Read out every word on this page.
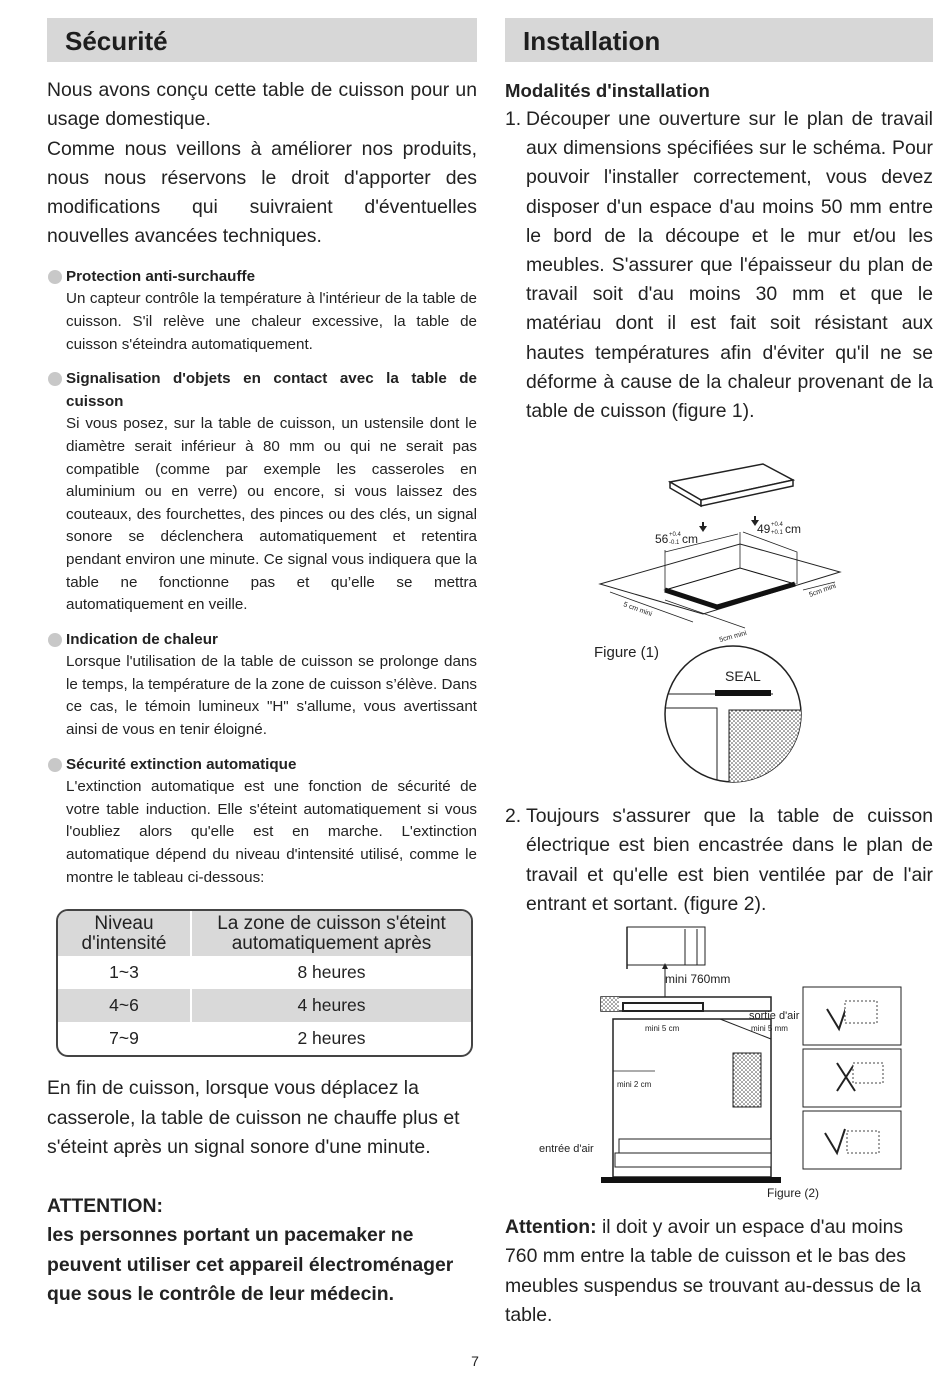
Sécurité

Nous avons conçu cette table de cuisson pour un usage domestique.

Comme nous veillons à améliorer nos produits, nous nous réservons le droit d'apporter des modifications qui suivraient d'éventuelles nouvelles avancées techniques.

Protection anti-surchauffe
Un capteur contrôle la température à l'intérieur de la table de cuisson. S'il relève une chaleur excessive, la table de cuisson s'éteindra automatiquement.
Signalisation d'objets en contact avec la table de cuisson
Si vous posez, sur la table de cuisson, un ustensile dont le diamètre serait inférieur à 80 mm ou qui ne serait pas compatible (comme par exemple les casseroles en aluminium ou en verre) ou encore, si vous laissez des couteaux, des fourchettes, des pinces ou des clés, un signal sonore se déclenchera automatiquement et retentira pendant environ une minute. Ce signal vous indiquera que la table ne fonctionne pas et qu’elle se mettra automatiquement en veille.
Indication de chaleur
Lorsque l'utilisation de la table de cuisson se prolonge dans le temps, la température de la zone de cuisson s’élève. Dans ce cas, le témoin lumineux "H" s'allume, vous avertissant ainsi de vous en tenir éloigné.
Sécurité extinction automatique
L'extinction automatique est une fonction de sécurité de votre table induction. Elle s'éteint automatiquement si vous l'oubliez alors qu'elle est en marche. L'extinction automatique dépend du niveau d'intensité utilisé, comme le montre le tableau ci-dessous:
Niveau d'intensité	La zone de cuisson s'éteint automatiquement après
1~3	8 heures
4~6	4 heures
7~9	2 heures
En fin de cuisson, lorsque vous déplacez la casserole, la table de cuisson ne chauffe plus et s'éteint après un signal sonore d'une minute.
ATTENTION:
les personnes portant un pacemaker ne peuvent utiliser cet appareil électroménager que sous le contrôle de leur médecin.
Installation
Modalités d'installation
1. Découper une ouverture sur le plan de travail aux dimensions spécifiées sur le schéma. Pour pouvoir l'installer correctement, vous devez disposer d'un espace d'au moins 50 mm entre le bord de la découpe et le mur et/ou les meubles. S'assurer que l'épaisseur du plan de travail soit d'au moins 30 mm et que le matériau dont il est fait soit résistant aux hautes températures afin d'éviter qu'il ne se déforme à cause de la chaleur provenant de la table de cuisson (figure 1).
56 +0.4
-0.1 cm
49 +0.4
+0.1 cm
5 cm mini
5cm mini
5cm mini
Figure (1)
SEAL
2. Toujours s'assurer que la table de cuisson électrique est bien encastrée dans le plan de travail et qu'elle est bien ventilée par de l'air entrant et sortant. (figure 2).
mini 760mm
mini 5 cm
sortie d'air
mini 5 mm
mini 2 cm
entrée d'air
Figure (2)
Attention: il doit y avoir un espace d'au moins 760 mm entre la table de cuisson et le bas des meubles suspendus se trouvant au-dessus de la table.
7
